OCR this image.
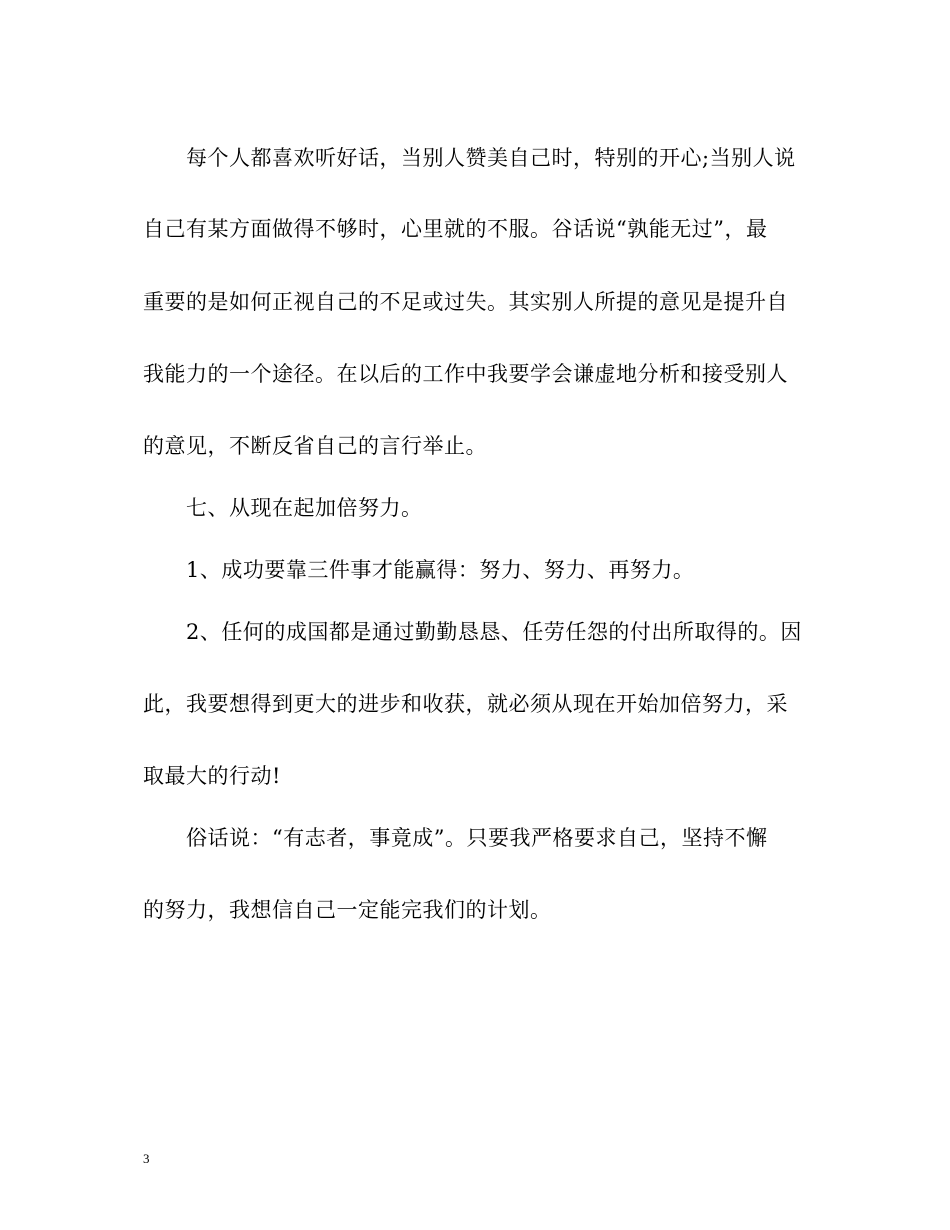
每个人都喜欢听好话，当别人赞美自己时，特别的开心;当别人说
自己有某方面做得不够时，心里就的不服。谷话说“孰能无过”，最
重要的是如何正视自己的不足或过失。其实别人所提的意见是提升自
我能力的一个途径。在以后的工作中我要学会谦虚地分析和接受别人
的意见，不断反省自己的言行举止。
七、从现在起加倍努力。
1、成功要靠三件事才能赢得：努力、努力、再努力。
2、任何的成国都是通过勤勤恳恳、任劳任怨的付出所取得的。因
此，我要想得到更大的进步和收获，就必须从现在开始加倍努力，采
取最大的行动!
俗话说：“有志者，事竟成”。只要我严格要求自己，坚持不懈
的努力，我想信自己一定能完我们的计划。
3
